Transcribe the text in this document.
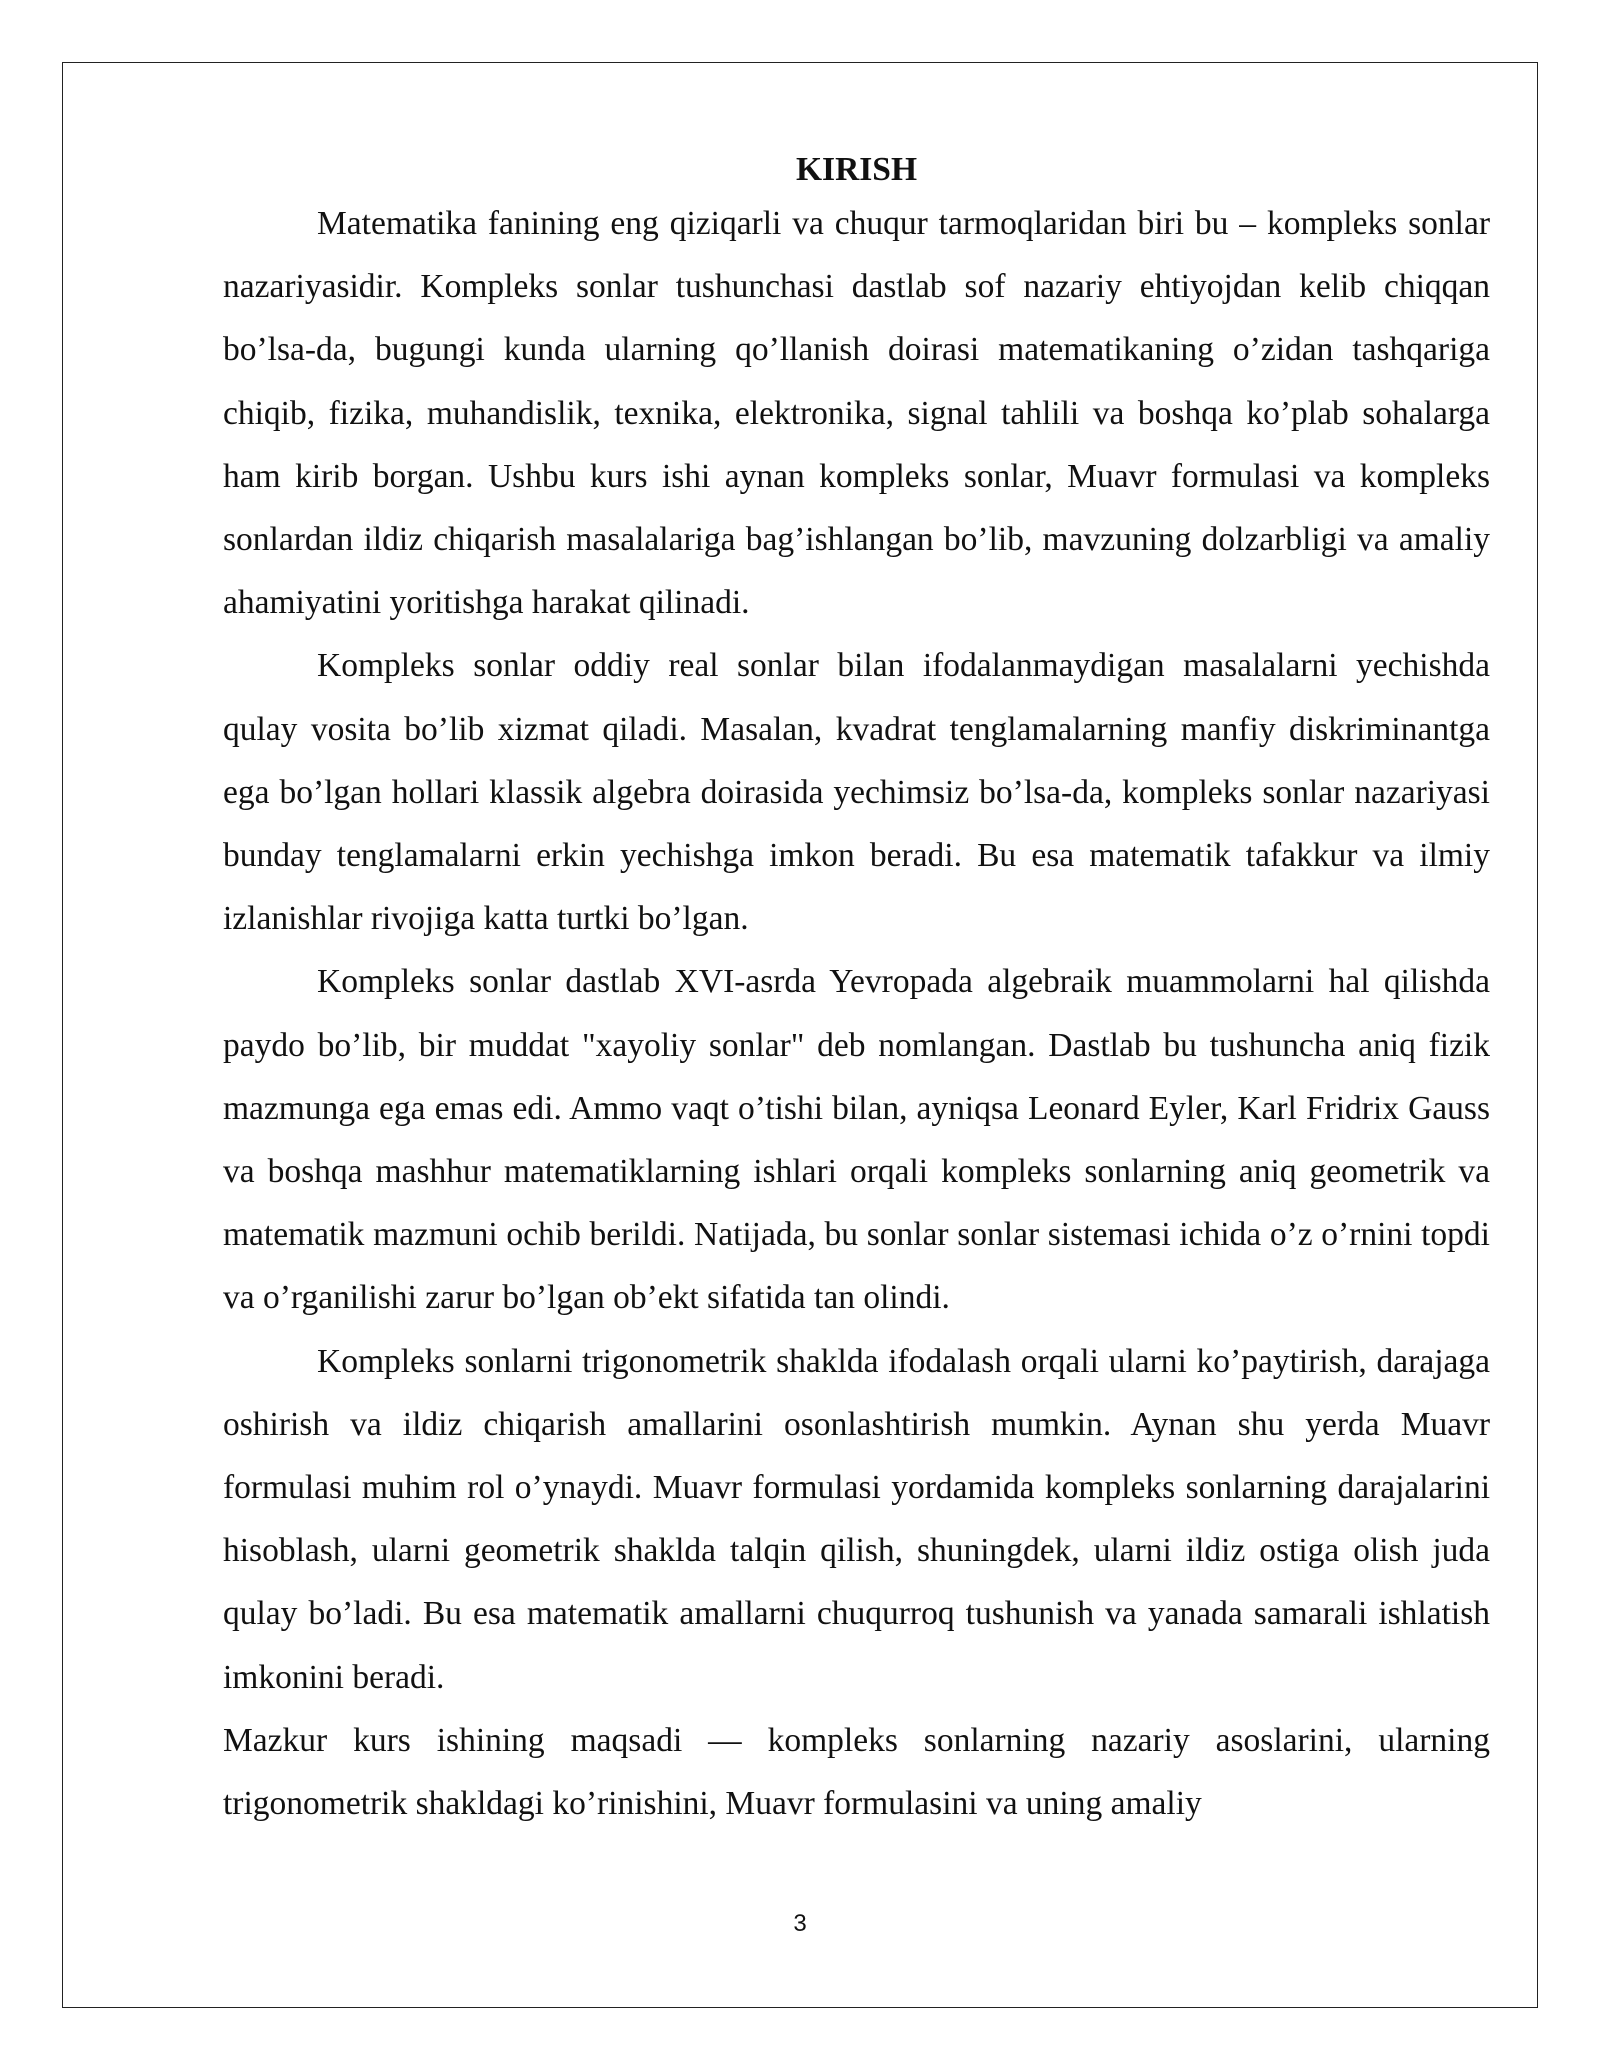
KIRISH

Matematika fanining eng qiziqarli va chuqur tarmoqlaridan biri bu – kompleks sonlar nazariyasidir. Kompleks sonlar tushunchasi dastlab sof nazariy ehtiyojdan kelib chiqqan bo’lsa-da, bugungi kunda ularning qo’llanish doirasi matematikaning o’zidan tashqariga chiqib, fizika, muhandislik, texnika, elektronika, signal tahlili va boshqa ko’plab sohalarga ham kirib borgan. Ushbu kurs ishi aynan kompleks sonlar, Muavr formulasi va kompleks sonlardan ildiz chiqarish masalalariga bag’ishlangan bo’lib, mavzuning dolzarbligi va amaliy ahamiyatini yoritishga harakat qilinadi.

Kompleks sonlar oddiy real sonlar bilan ifodalanmaydigan masalalarni yechishda qulay vosita bo’lib xizmat qiladi. Masalan, kvadrat tenglamalarning manfiy diskriminantga ega bo’lgan hollari klassik algebra doirasida yechimsiz bo’lsa-da, kompleks sonlar nazariyasi bunday tenglamalarni erkin yechishga imkon beradi. Bu esa matematik tafakkur va ilmiy izlanishlar rivojiga katta turtki bo’lgan.

Kompleks sonlar dastlab XVI-asrda Yevropada algebraik muammolarni hal qilishda paydo bo’lib, bir muddat "xayoliy sonlar" deb nomlangan. Dastlab bu tushuncha aniq fizik mazmunga ega emas edi. Ammo vaqt o’tishi bilan, ayniqsa Leonard Eyler, Karl Fridrix Gauss va boshqa mashhur matematiklarning ishlari orqali kompleks sonlarning aniq geometrik va matematik mazmuni ochib berildi. Natijada, bu sonlar sonlar sistemasi ichida o’z o’rnini topdi va o’rganilishi zarur bo’lgan ob’ekt sifatida tan olindi.

Kompleks sonlarni trigonometrik shaklda ifodalash orqali ularni ko’paytirish, darajaga oshirish va ildiz chiqarish amallarini osonlashtirish mumkin. Aynan shu yerda Muavr formulasi muhim rol o’ynaydi. Muavr formulasi yordamida kompleks sonlarning darajalarini hisoblash, ularni geometrik shaklda talqin qilish, shuningdek, ularni ildiz ostiga olish juda qulay bo’ladi. Bu esa matematik amallarni chuqurroq tushunish va yanada samarali ishlatish imkonini beradi.

Mazkur kurs ishining maqsadi — kompleks sonlarning nazariy asoslarini, ularning trigonometrik shakldagi ko’rinishini, Muavr formulasini va uning amaliy

3
